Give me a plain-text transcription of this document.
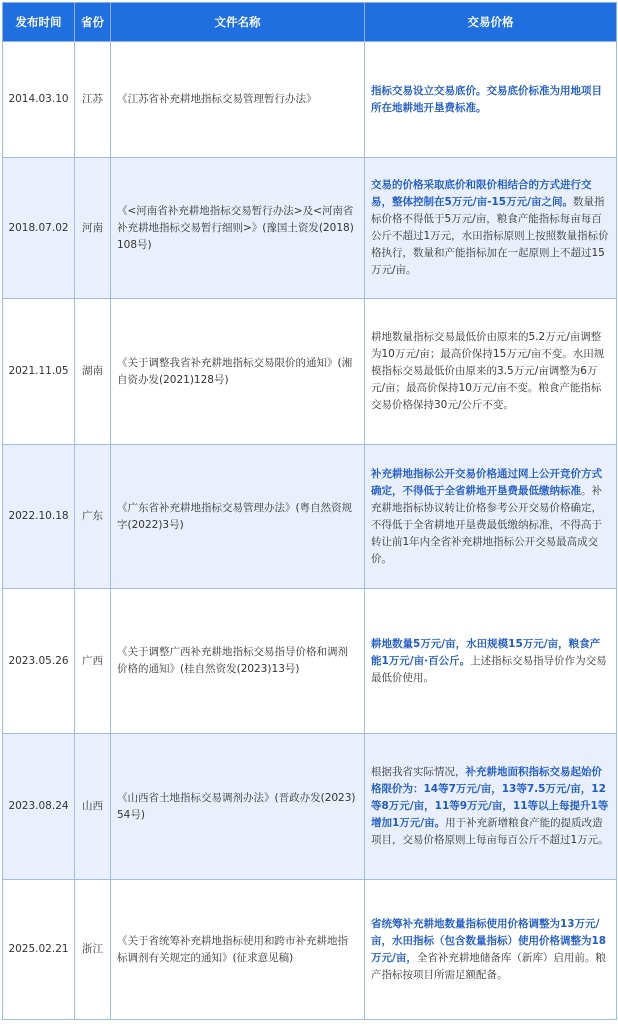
发布时间	省份	文件名称	交易价格
2014.03.10	江苏	《江苏省补充耕地指标交易管理暂行办法》	指标交易设立交易底价。交易底价标准为用地项目所在地耕地开垦费标准。
2018.07.02	河南	《<河南省补充耕地指标交易暂行办法>及<河南省补充耕地指标交易暂行细则>》(豫国土资发(2018)108号)	交易的价格采取底价和限价相结合的方式进行交易，整体控制在5万元/亩-15万元/亩之间。数量指标价格不得低于5万元/亩，粮食产能指标每亩每百公斤不超过1万元，水田指标原则上按照数量指标价格执行，数量和产能指标加在一起原则上不超过15万元/亩。
2021.11.05	湖南	《关于调整我省补充耕地指标交易限价的通知》(湘自资办发(2021)128号)	耕地数量指标交易最低价由原来的5.2万元/亩调整为10万元/亩；最高价保持15万元/亩不变。水田规模指标交易最低价由原来的3.5万元/亩调整为6万元/亩；最高价保持10万元/亩不变。粮食产能指标交易价格保持30元/公斤不变。
2022.10.18	广东	《广东省补充耕地指标交易管理办法》(粤自然资规字(2022)3号)	补充耕地指标公开交易价格通过网上公开竞价方式确定，不得低于全省耕地开垦费最低缴纳标准。补充耕地指标协议转让价格参考公开交易价格确定，不得低于全省耕地开垦费最低缴纳标准，不得高于转让前1年内全省补充耕地指标公开交易最高成交价。
2023.05.26	广西	《关于调整广西补充耕地指标交易指导价格和调剂价格的通知》(桂自然资发(2023)13号)	耕地数量5万元/亩，水田规模15万元/亩，粮食产能1万元/亩·百公斤。上述指标交易指导价作为交易最低价使用。
2023.08.24	山西	《山西省土地指标交易调剂办法》(晋政办发(2023)54号)	根据我省实际情况，补充耕地面积指标交易起始价格限价为：14等7万元/亩，13等7.5万元/亩，12等8万元/亩，11等9万元/亩，11等以上每提升1等增加1万元/亩。用于补充新增粮食产能的提质改造项目，交易价格原则上每亩每百公斤不超过1万元。
2025.02.21	浙江	《关于省统筹补充耕地指标使用和跨市补充耕地指标调剂有关规定的通知》(征求意见稿)	省统筹补充耕地数量指标使用价格调整为13万元/亩，水田指标（包含数量指标）使用价格调整为18万元/亩，全省补充耕地储备库（新库）启用前。粮产指标按项目所需足额配备。
